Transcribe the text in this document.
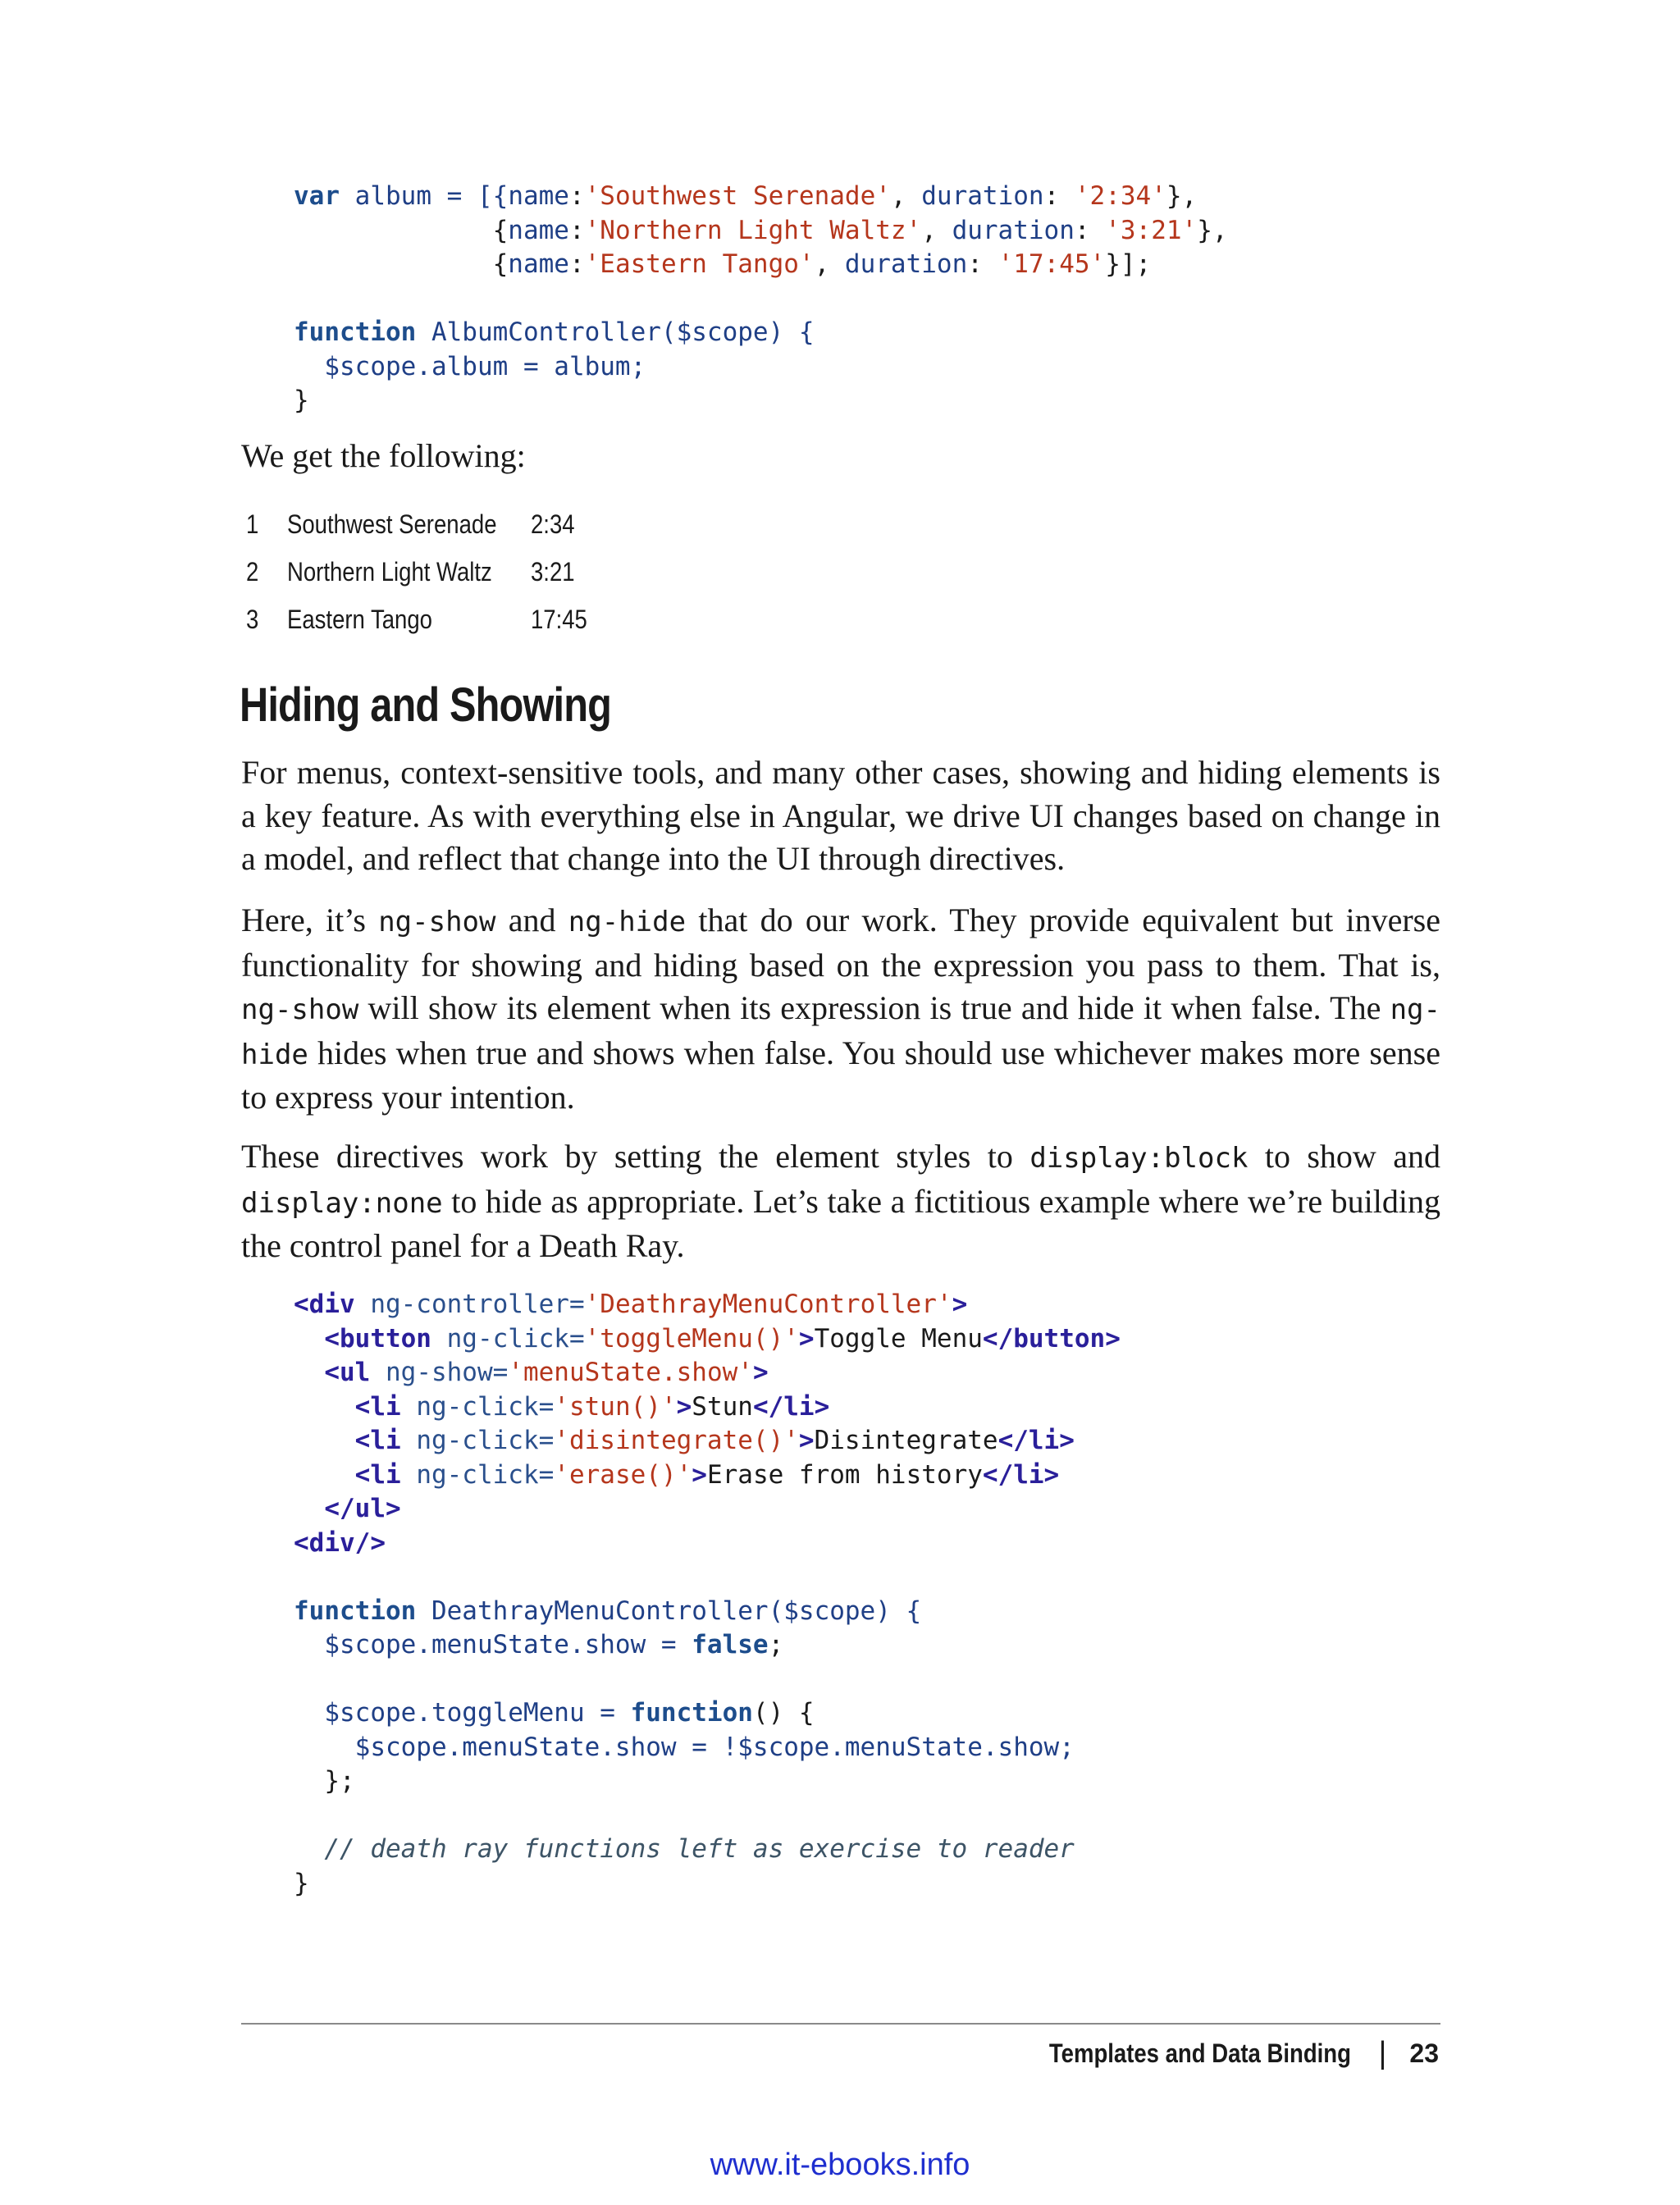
var album = [{name:'Southwest Serenade', duration: '2:34'},
{name:'Northern Light Waltz', duration: '3:21'},
{name:'Eastern Tango', duration: '17:45'}];
function AlbumController($scope) {
$scope.album = album;
}

We get the following:

1	Southwest Serenade	2:34
2	Northern Light Waltz	3:21
3	Eastern Tango	17:45
Hiding and Showing

For menus, context-sensitive tools, and many other cases, showing and hiding elements is a key feature. As with everything else in Angular, we drive UI changes based on change in a model, and reflect that change into the UI through directives.

Here, it’s ng-show and ng-hide that do our work. They provide equivalent but inverse functionality for showing and hiding based on the expression you pass to them. That is, ng-show will show its element when its expression is true and hide it when false. The ng-hide hides when true and shows when false. You should use whichever makes more sense to express your intention.

These directives work by setting the element styles to display:block to show and display:none to hide as appropriate. Let’s take a fictitious example where we’re building the control panel for a Death Ray.

<div ng-controller='DeathrayMenuController'>
<button ng-click='toggleMenu()'>Toggle Menu</button>
<ul ng-show='menuState.show'>
<li ng-click='stun()'>Stun</li>
<li ng-click='disintegrate()'>Disintegrate</li>
<li ng-click='erase()'>Erase from history</li>
</ul>
<div/>
function DeathrayMenuController($scope) {
$scope.menuState.show = false;
$scope.toggleMenu = function() {
$scope.menuState.show = !$scope.menuState.show;
};
// death ray functions left as exercise to reader
}
Templates and Data Binding | 23
www.it-ebooks.info
